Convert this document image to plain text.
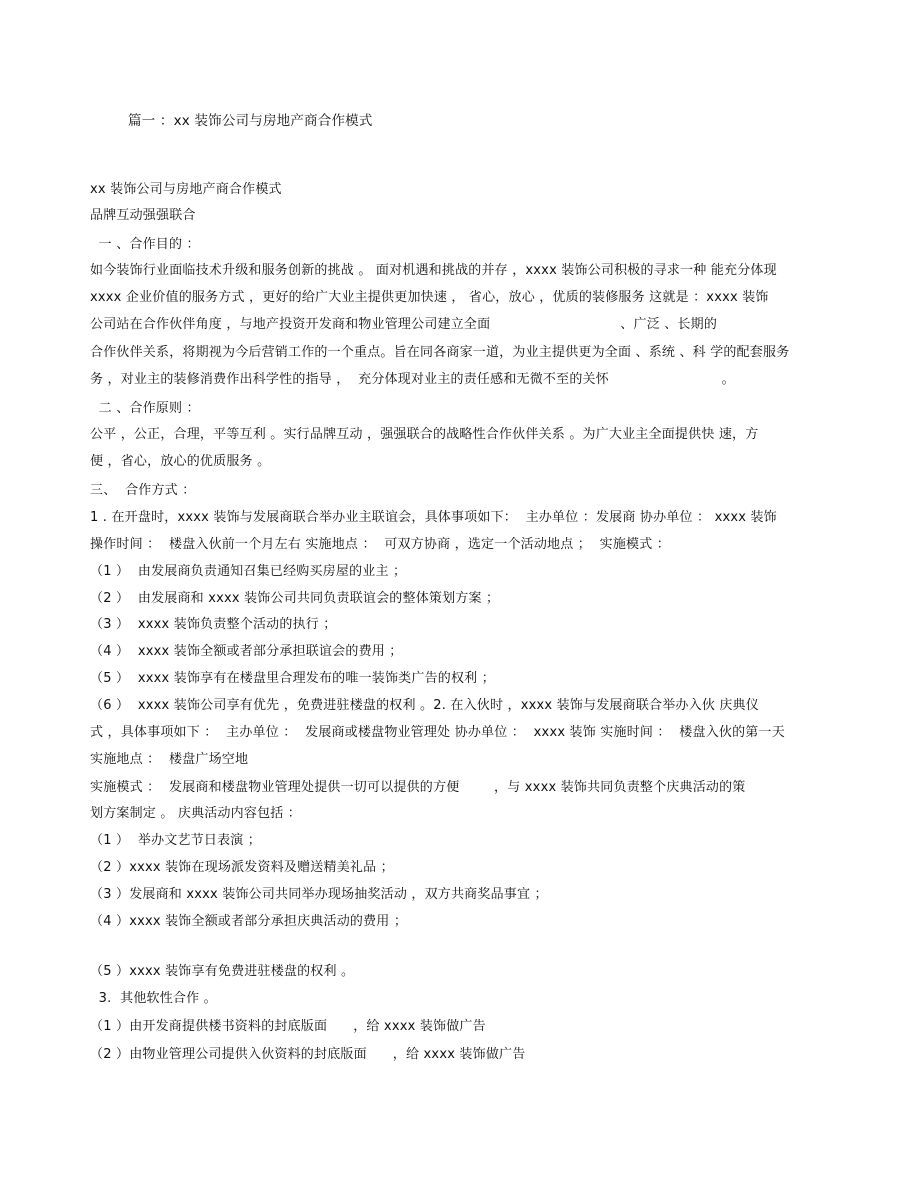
篇一 ：xx 装饰公司与房地产商合作模式
xx 装饰公司与房地产商合作模式
品牌互动强强联合
一 、合作目的 ：
如今装饰行业面临技术升级和服务创新的挑战 。 面对机遇和挑战的并存 ，xxxx 装饰公司积极的寻求一种 能充分体现
xxxx 企业价值的服务方式 ，更好的给广大业主提供更加快速 ， 省心，放心 ，优质的装修服务 这就是 ：xxxx 装饰
公司站在合作伙伴角度 ，与地产投资开发商和物业管理公司建立全面                              、广泛 、长期的
合作伙伴关系，将期视为今后营销工作的一个重点。旨在同各商家一道，为业主提供更为全面 、系统 、科 学的配套服务
务 ，对业主的装修消费作出科学性的指导 ，  充分体现对业主的责任感和无微不至的关怀                          。
二 、合作原则 ：
公平 ，公正，合理，平等互利 。实行品牌互动 ，强强联合的战略性合作伙伴关系 。为广大业主全面提供快 速，方
便 ，省心，放心的优质服务 。
三、  合作方式 ：
1 . 在开盘时，xxxx 装饰与发展商联合举办业主联谊会，具体事项如下：  主办单位 ：发展商 协办单位 ： xxxx 装饰
操作时间 ：  楼盘入伙前一个月左右 实施地点 ：  可双方协商 ，选定一个活动地点 ；  实施模式 ：
（1 ）  由发展商负责通知召集已经购买房屋的业主 ；
（2 ）  由发展商和 xxxx 装饰公司共同负责联谊会的整体策划方案 ；
（3 ）  xxxx 装饰负责整个活动的执行 ；
（4 ）  xxxx 装饰全额或者部分承担联谊会的费用 ；
（5 ）  xxxx 装饰享有在楼盘里合理发布的唯一装饰类广告的权利 ；
（6 ）  xxxx 装饰公司享有优先 ，免费进驻楼盘的权利 。2. 在入伙时 ，xxxx 装饰与发展商联合举办入伙 庆典仪
式 ，具体事项如下 ：  主办单位 ：  发展商或楼盘物业管理处 协办单位 ：  xxxx 装饰 实施时间 ：  楼盘入伙的第一天
实施地点 ：  楼盘广场空地
实施模式 ：  发展商和楼盘物业管理处提供一切可以提供的方便        ，与 xxxx 装饰共同负责整个庆典活动的策
划方案制定 。 庆典活动内容包括 ：
（1 ）  举办文艺节日表演 ；
（2 ）xxxx 装饰在现场派发资料及赠送精美礼品 ；
（3 ）发展商和 xxxx 装饰公司共同举办现场抽奖活动 ，双方共商奖品事宜 ；
（4 ）xxxx 装饰全额或者部分承担庆典活动的费用 ；
（5 ）xxxx 装饰享有免费进驻楼盘的权利 。
3.  其他软性合作 。
（1 ）由开发商提供楼书资料的封底版面      ，给 xxxx 装饰做广告
（2 ）由物业管理公司提供入伙资料的封底版面      ，给 xxxx 装饰做广告
